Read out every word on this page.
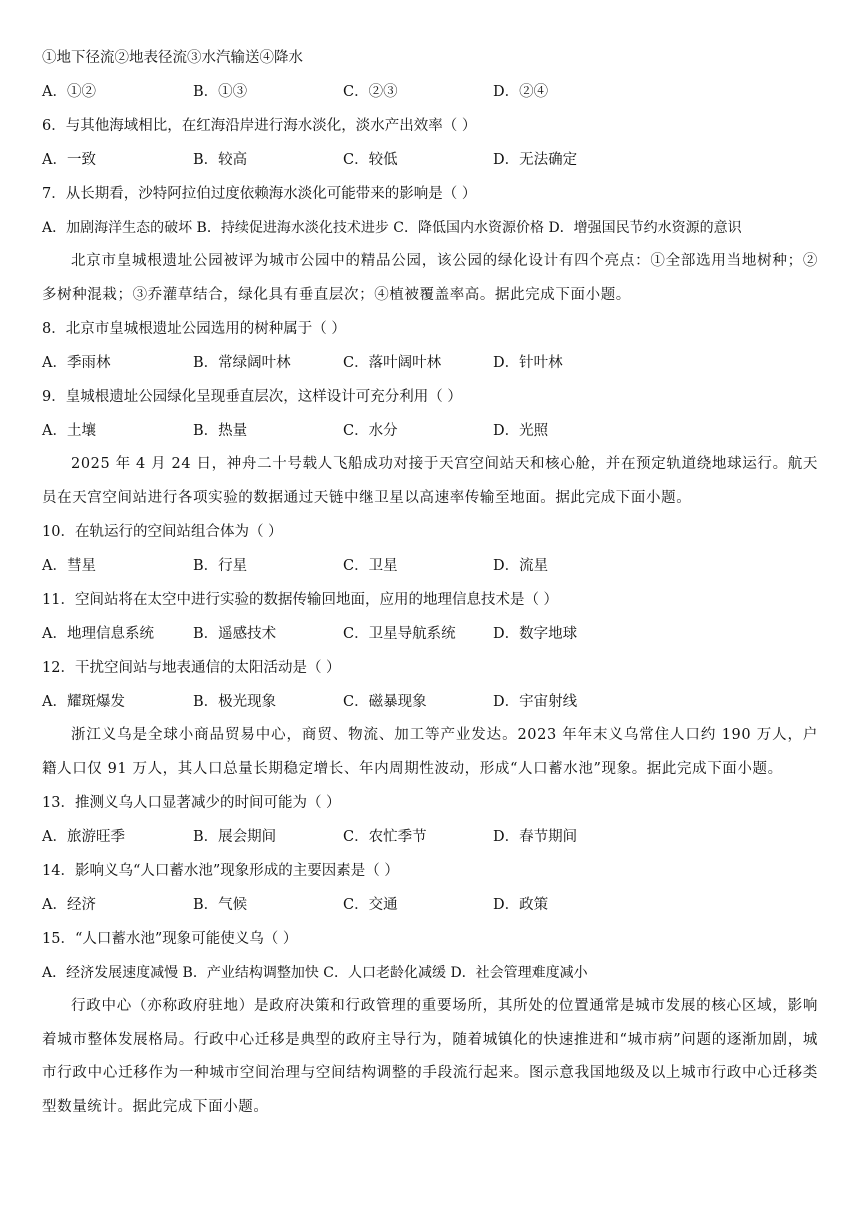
①地下径流②地表径流③水汽输送④降水
A．①②	B．①③	C．②③	D．②④
6．与其他海域相比，在红海沿岸进行海水淡化，淡水产出效率（ ）
A．一致	B．较高	C．较低	D．无法确定
7．从长期看，沙特阿拉伯过度依赖海水淡化可能带来的影响是（ ）
A．加剧海洋生态的破坏 B．持续促进海水淡化技术进步 C．降低国内水资源价格 D．增强国民节约水资源的意识
北京市皇城根遗址公园被评为城市公园中的精品公园，该公园的绿化设计有四个亮点：①全部选用当地树种；②多树种混栽；③乔灌草结合，绿化具有垂直层次；④植被覆盖率高。据此完成下面小题。
8．北京市皇城根遗址公园选用的树种属于（ ）
A．季雨林	B．常绿阔叶林	C．落叶阔叶林	D．针叶林
9．皇城根遗址公园绿化呈现垂直层次，这样设计可充分利用（ ）
A．土壤	B．热量	C．水分	D．光照
2025 年 4 月 24 日，神舟二十号载人飞船成功对接于天宫空间站天和核心舱，并在预定轨道绕地球运行。航天员在天宫空间站进行各项实验的数据通过天链中继卫星以高速率传输至地面。据此完成下面小题。
10．在轨运行的空间站组合体为（ ）
A．彗星	B．行星	C．卫星	D．流星
11．空间站将在太空中进行实验的数据传输回地面，应用的地理信息技术是（ ）
A．地理信息系统	B．遥感技术	C．卫星导航系统	D．数字地球
12．干扰空间站与地表通信的太阳活动是（ ）
A．耀斑爆发	B．极光现象	C．磁暴现象	D．宇宙射线
浙江义乌是全球小商品贸易中心，商贸、物流、加工等产业发达。2023 年年末义乌常住人口约 190 万人，户籍人口仅 91 万人，其人口总量长期稳定增长、年内周期性波动，形成“人口蓄水池”现象。据此完成下面小题。
13．推测义乌人口显著减少的时间可能为（ ）
A．旅游旺季	B．展会期间	C．农忙季节	D．春节期间
14．影响义乌“人口蓄水池”现象形成的主要因素是（ ）
A．经济	B．气候	C．交通	D．政策
15．“人口蓄水池”现象可能使义乌（ ）
A．经济发展速度减慢 B．产业结构调整加快 C．人口老龄化减缓 D．社会管理难度减小
行政中心（亦称政府驻地）是政府决策和行政管理的重要场所，其所处的位置通常是城市发展的核心区域，影响着城市整体发展格局。行政中心迁移是典型的政府主导行为，随着城镇化的快速推进和“城市病”问题的逐渐加剧，城市行政中心迁移作为一种城市空间治理与空间结构调整的手段流行起来。图示意我国地级及以上城市行政中心迁移类型数量统计。据此完成下面小题。
